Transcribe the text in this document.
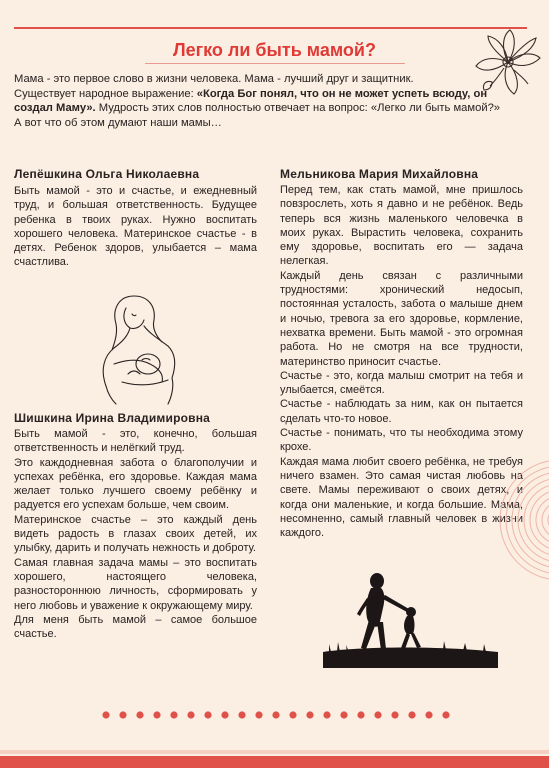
Легко ли быть мамой?

Мама - это первое слово в жизни человека. Мама - лучший друг и защитник.

Существует народное выражение: «Когда Бог понял, что он не может успеть всюду, он создал Маму». Мудрость этих слов полностью отвечает на вопрос: «Легко ли быть мамой?»

А вот что об этом думают наши мамы…

Лепёшкина Ольга Николаевна

Быть мамой - это и счастье, и ежедневный труд, и большая ответственность. Будущее ребенка в твоих руках. Нужно воспитать хорошего человека. Материнское счастье - в детях. Ребенок здоров, улыбается – мама счастлива.

Шишкина Ирина Владимировна

Быть мамой - это, конечно, большая ответственность и нелёгкий труд.

Это каждодневная забота о благополучии и успехах ребёнка, его здоровье. Каждая мама желает только лучшего своему ребёнку и радуется его успехам больше, чем своим.

Материнское счастье – это каждый день видеть радость в глазах своих детей, их улыбку, дарить и получать нежность и доброту.

Самая главная задача мамы – это воспитать хорошего, настоящего человека, разностороннюю личность, сформировать у него любовь и уважение к окружающему миру.

Для меня быть мамой – самое большое счастье.

Мельникова Мария Михайловна

Перед тем, как стать мамой, мне пришлось повзрослеть, хоть я давно и не ребёнок. Ведь теперь вся жизнь маленького человечка в моих руках. Вырастить человека, сохранить ему здоровье, воспитать его — задача нелегкая.

Каждый день связан с различными трудностями: хронический недосып, постоянная усталость, забота о малыше днем и ночью, тревога за его здоровье, кормление, нехватка времени. Быть мамой - это огромная работа. Но не смотря на все трудности, материнство приносит счастье.

Счастье - это, когда малыш смотрит на тебя и улыбается, смеётся.

Счастье - наблюдать за ним, как он пытается сделать что-то новое.

Счастье - понимать, что ты необходима этому крохе.

Каждая мама любит своего ребёнка, не требуя ничего взамен. Это самая чистая любовь на свете. Мамы переживают о своих детях, и когда они маленькие, и когда большие. Мама, несомненно, самый главный человек в жизни каждого.
